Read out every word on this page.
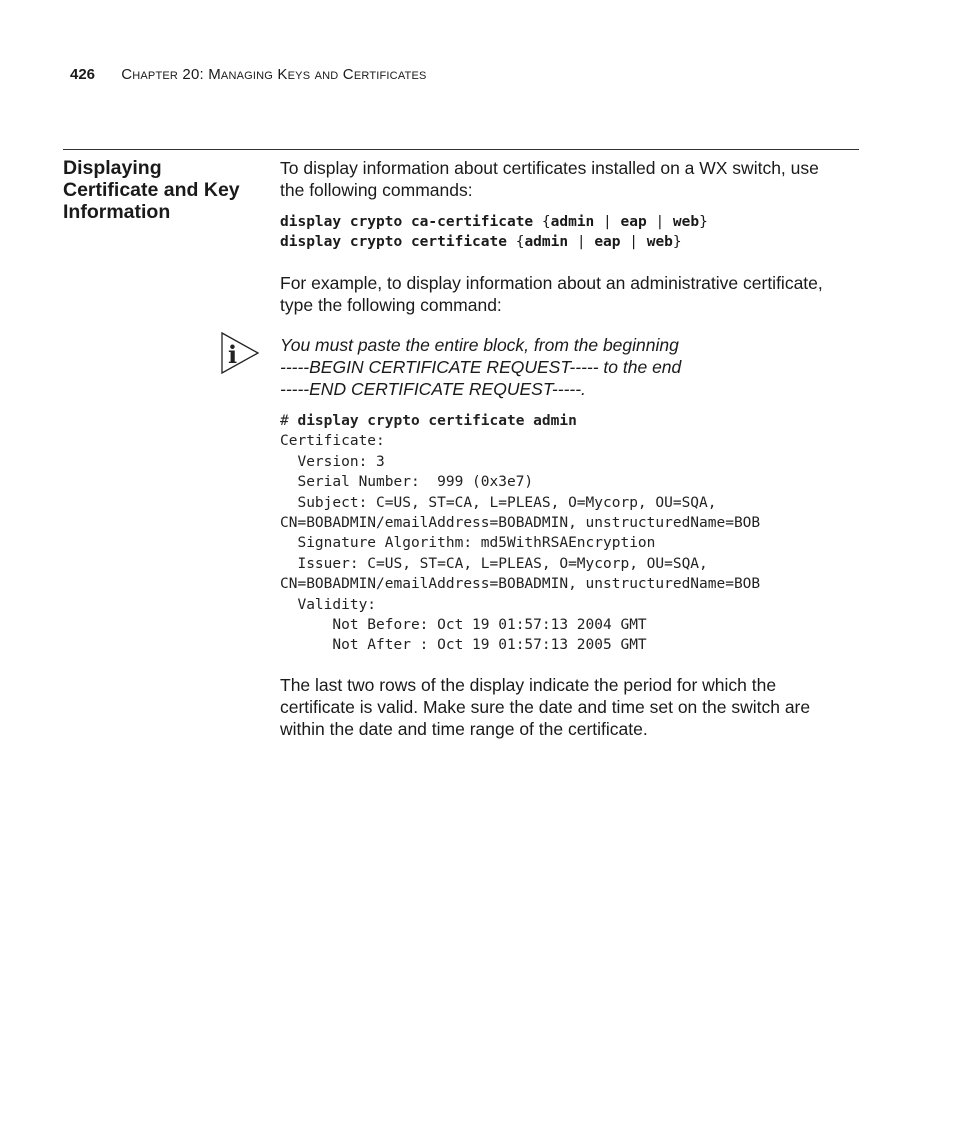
426 Chapter 20: Managing Keys and Certificates
Displaying
Certificate and Key
Information

To display information about certificates installed on a WX switch, use
the following commands:

display crypto ca-certificate {admin | eap | web}
display crypto certificate {admin | eap | web}

For example, to display information about an administrative certificate,
type the following command:

i You must paste the entire block, from the beginning
-----BEGIN CERTIFICATE REQUEST----- to the end
-----END CERTIFICATE REQUEST-----.

# display crypto certificate admin
Certificate:
Version: 3
Serial Number:  999 (0x3e7)
Subject: C=US, ST=CA, L=PLEAS, O=Mycorp, OU=SQA,
CN=BOBADMIN/emailAddress=BOBADMIN, unstructuredName=BOB
Signature Algorithm: md5WithRSAEncryption
Issuer: C=US, ST=CA, L=PLEAS, O=Mycorp, OU=SQA,
CN=BOBADMIN/emailAddress=BOBADMIN, unstructuredName=BOB
Validity:
Not Before: Oct 19 01:57:13 2004 GMT
Not After : Oct 19 01:57:13 2005 GMT

The last two rows of the display indicate the period for which the
certificate is valid. Make sure the date and time set on the switch are
within the date and time range of the certificate.
